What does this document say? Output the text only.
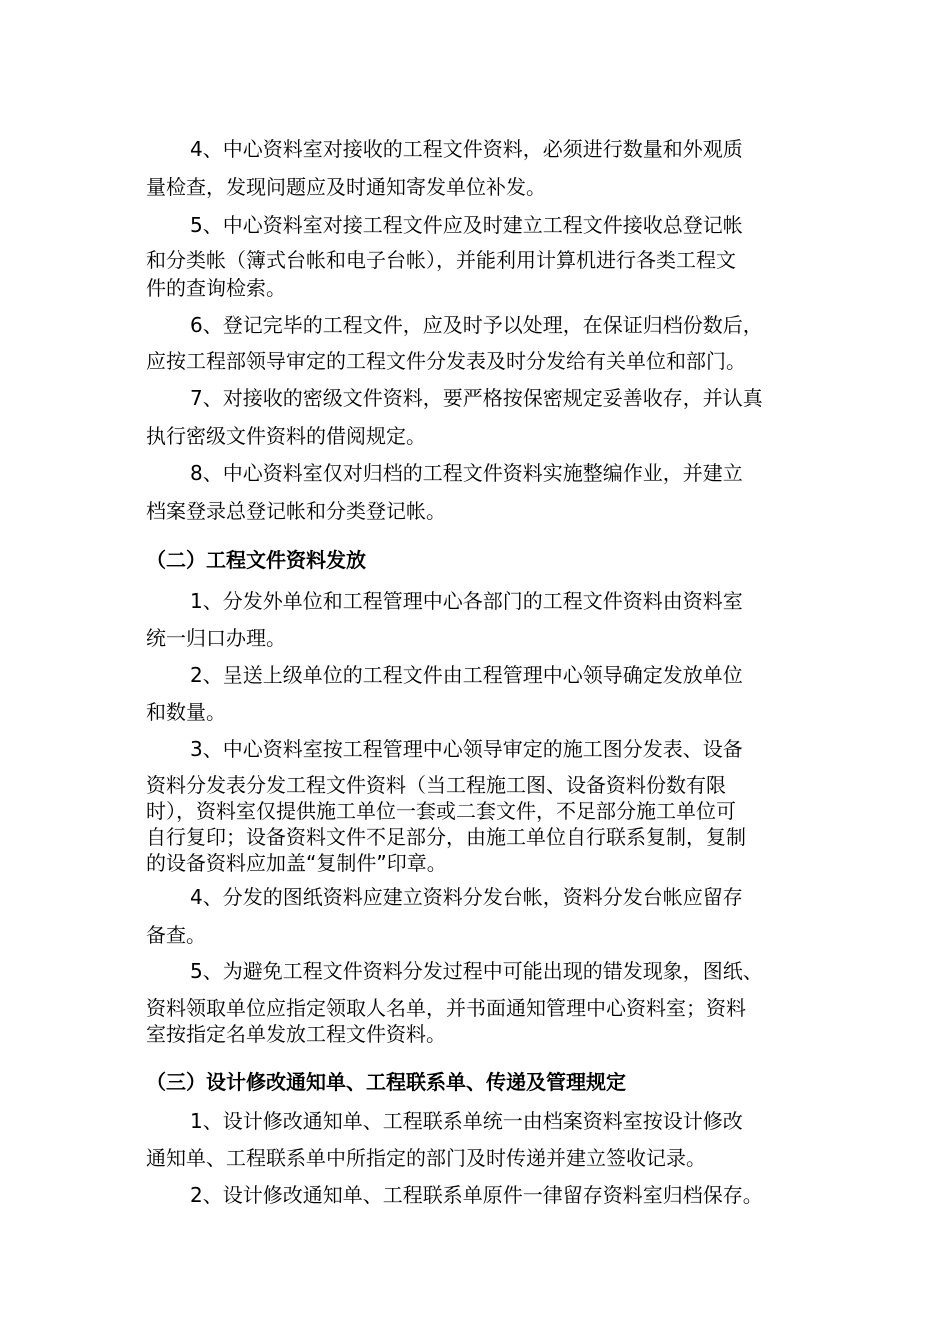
4、中心资料室对接收的工程文件资料，必须进行数量和外观质
量检查，发现问题应及时通知寄发单位补发。
5、中心资料室对接工程文件应及时建立工程文件接收总登记帐
和分类帐（簿式台帐和电子台帐），并能利用计算机进行各类工程文
件的查询检索。
6、登记完毕的工程文件，应及时予以处理，在保证归档份数后，
应按工程部领导审定的工程文件分发表及时分发给有关单位和部门。
7、对接收的密级文件资料，要严格按保密规定妥善收存，并认真
执行密级文件资料的借阅规定。
8、中心资料室仅对归档的工程文件资料实施整编作业，并建立
档案登录总登记帐和分类登记帐。
（二）工程文件资料发放
1、分发外单位和工程管理中心各部门的工程文件资料由资料室
统一归口办理。
2、呈送上级单位的工程文件由工程管理中心领导确定发放单位
和数量。
3、中心资料室按工程管理中心领导审定的施工图分发表、设备
资料分发表分发工程文件资料（当工程施工图、设备资料份数有限
时），资料室仅提供施工单位一套或二套文件，不足部分施工单位可
自行复印；设备资料文件不足部分，由施工单位自行联系复制，复制
的设备资料应加盖“复制件”印章。
4、分发的图纸资料应建立资料分发台帐，资料分发台帐应留存
备查。
5、为避免工程文件资料分发过程中可能出现的错发现象，图纸、
资料领取单位应指定领取人名单，并书面通知管理中心资料室；资料
室按指定名单发放工程文件资料。
（三）设计修改通知单、工程联系单、传递及管理规定
1、设计修改通知单、工程联系单统一由档案资料室按设计修改
通知单、工程联系单中所指定的部门及时传递并建立签收记录。
2、设计修改通知单、工程联系单原件一律留存资料室归档保存。
